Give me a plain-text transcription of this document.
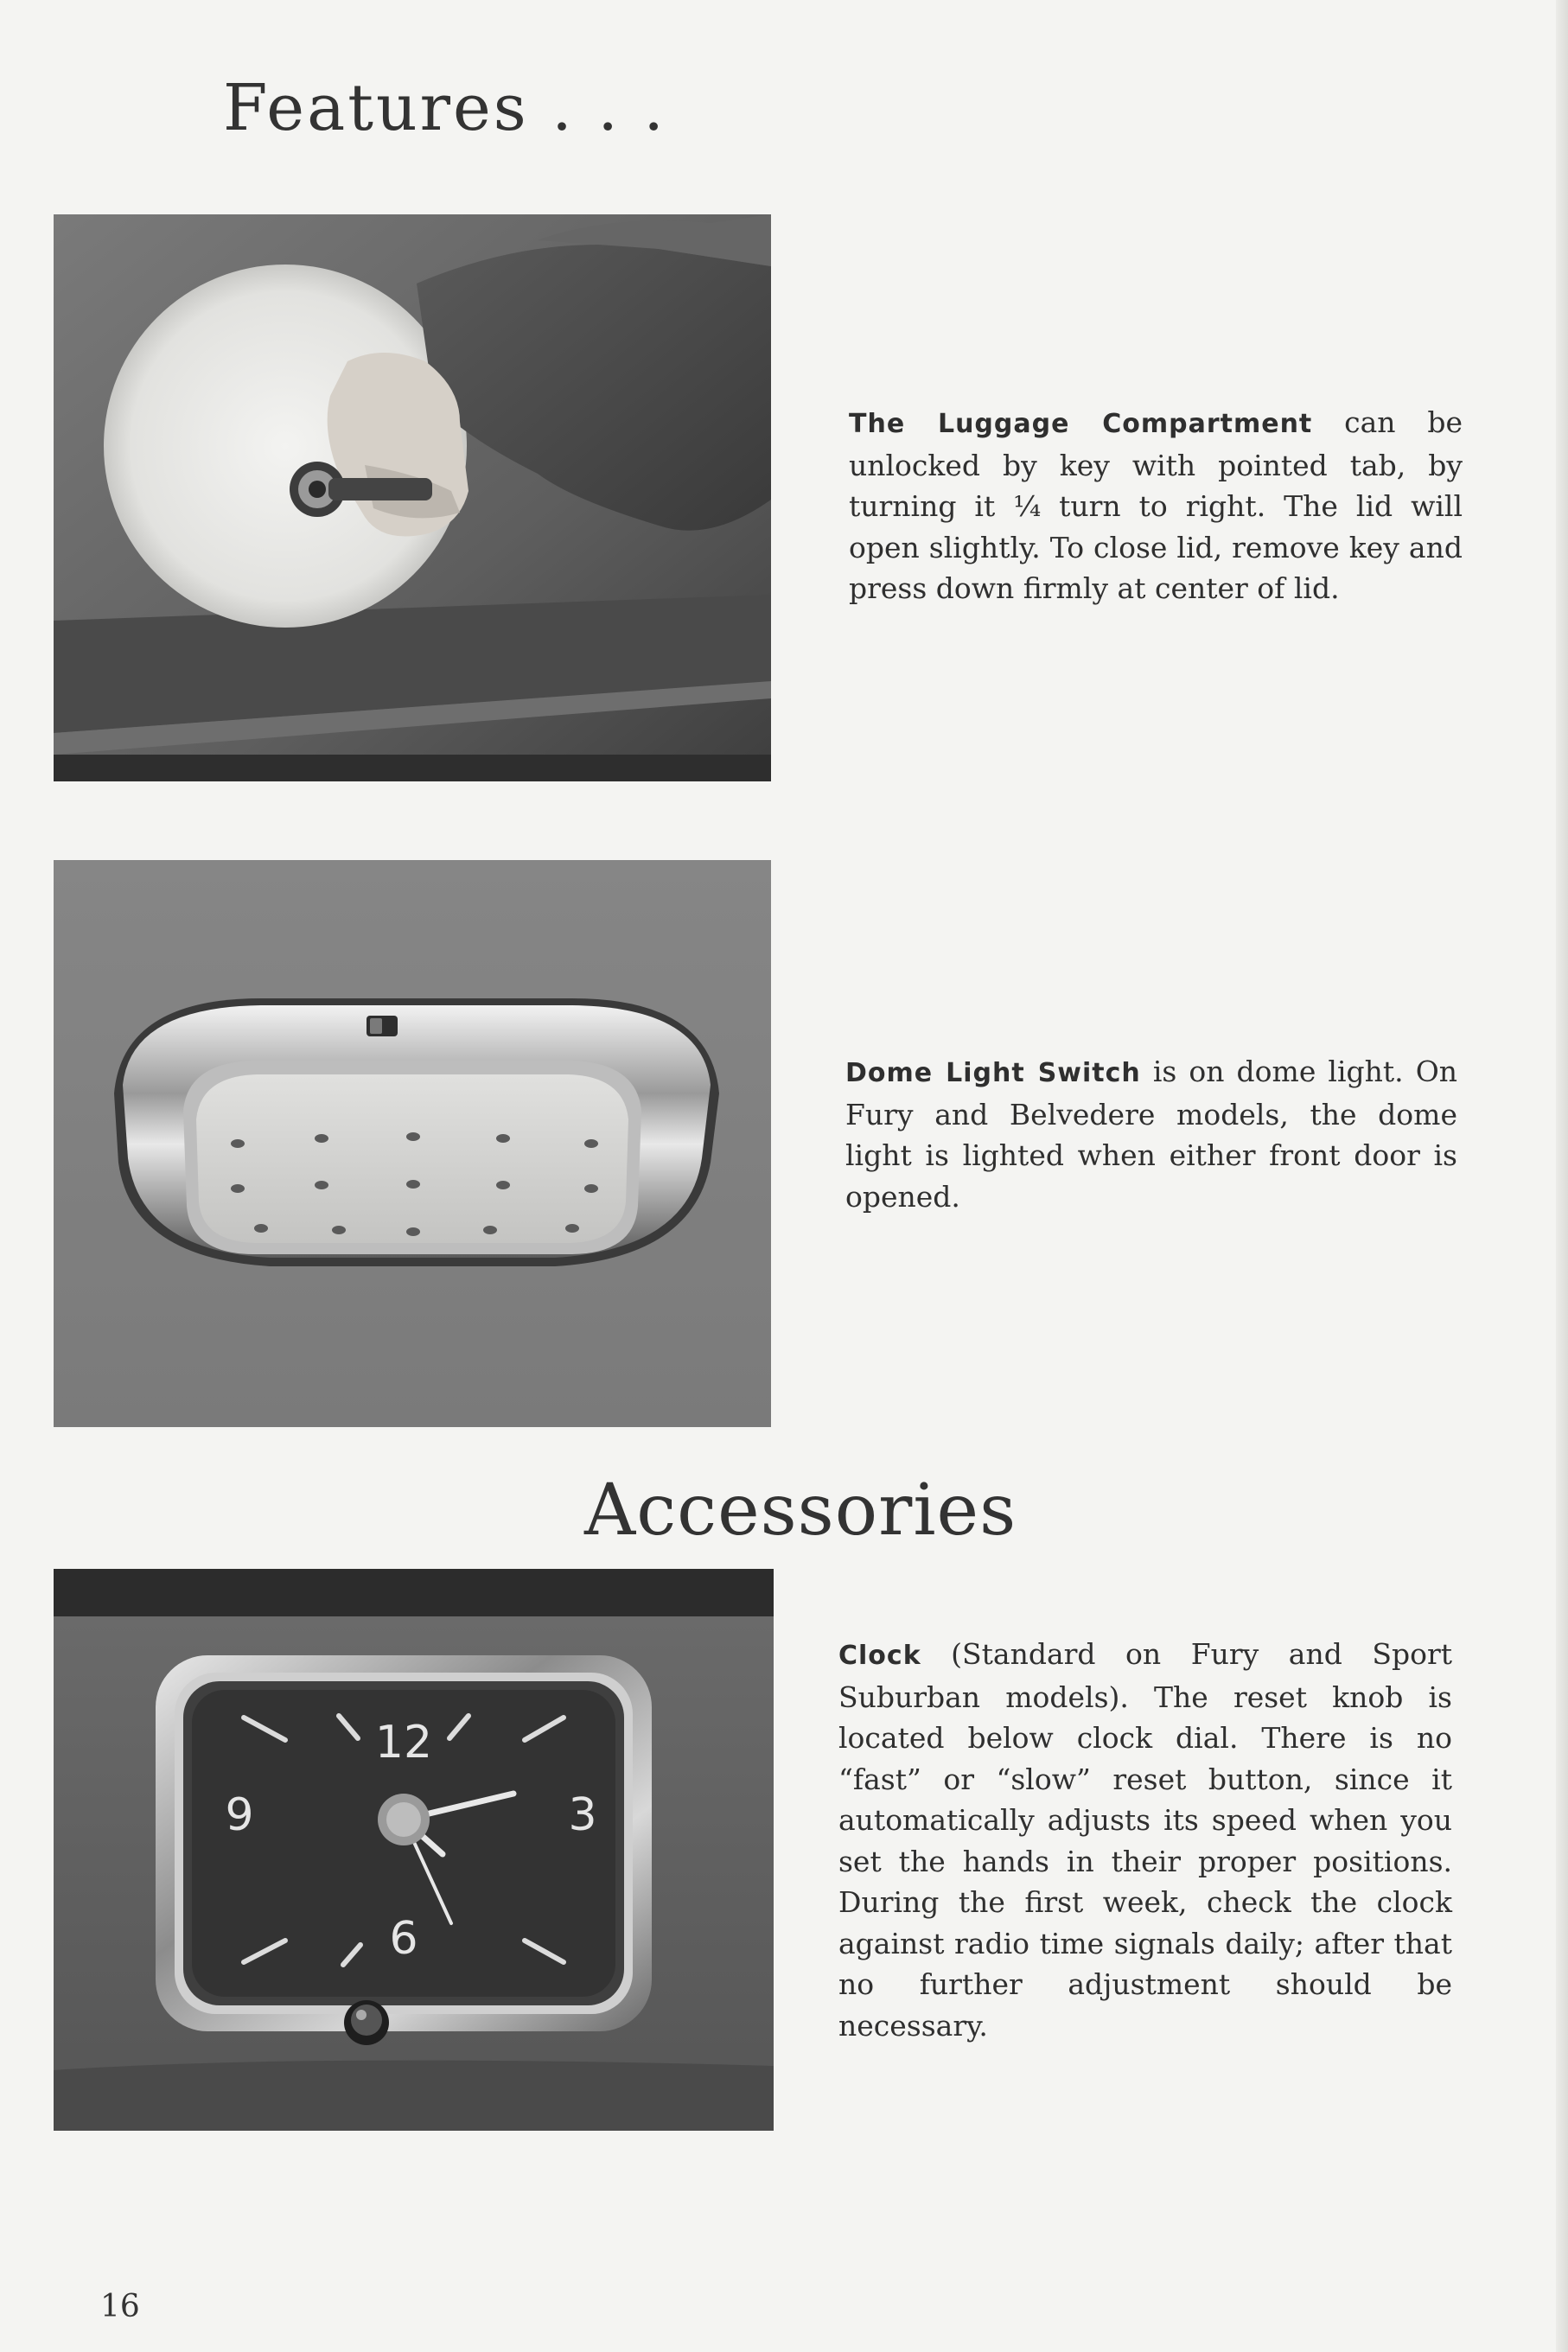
Features . . .

The Luggage Compartment can be unlocked by key with pointed tab, by turning it ¼ turn to right. The lid will open slightly. To close lid, remove key and press down firmly at center of lid.

Dome Light Switch is on dome light. On Fury and Belvedere models, the dome light is lighted when either front door is opened.

Accessories
12
3
6
9

Clock (Standard on Fury and Sport Suburban models). The reset knob is located below clock dial. There is no “fast” or “slow” reset button, since it automatically adjusts its speed when you set the hands in their proper positions. During the first week, check the clock against radio time signals daily; after that no further adjustment should be necessary.

16
